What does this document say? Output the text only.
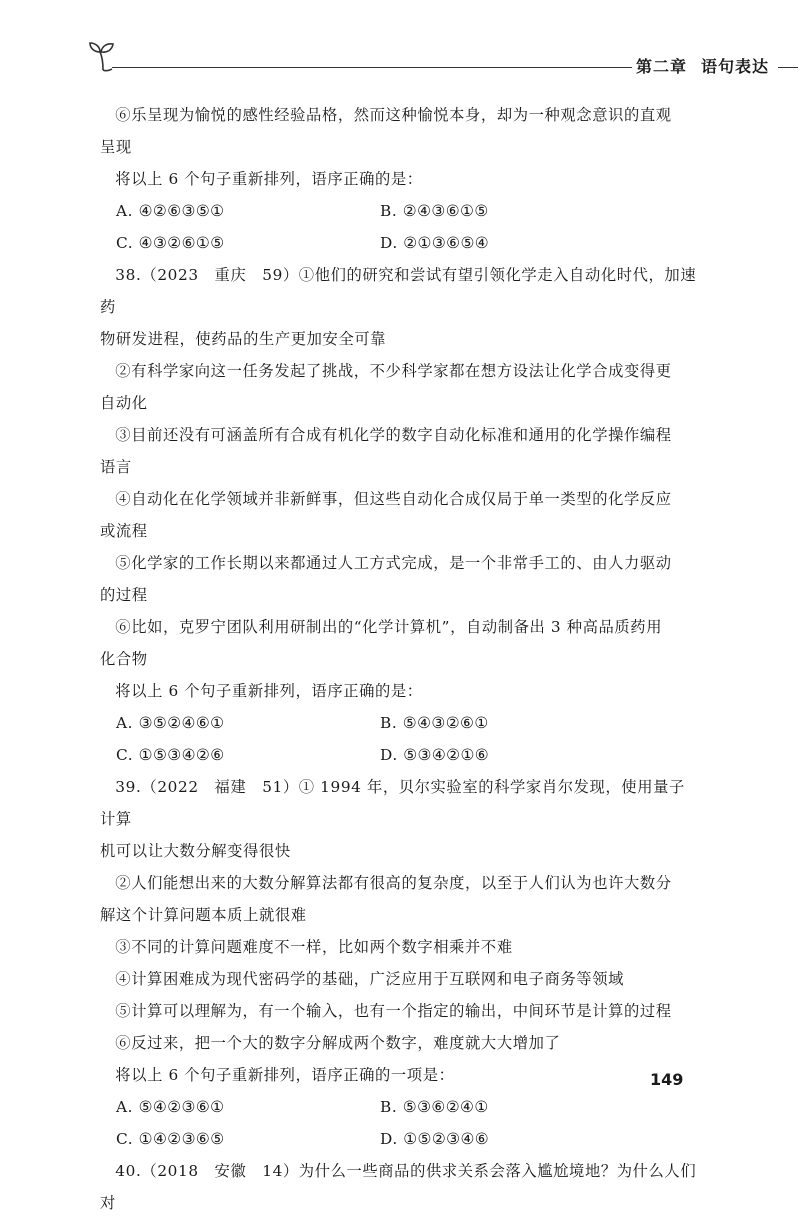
第二章 语句表达

⑥乐呈现为愉悦的感性经验品格，然而这种愉悦本身，却为一种观念意识的直观

呈现

将以上 6 个句子重新排列，语序正确的是：

A. ④②⑥③⑤①	B. ②④③⑥①⑤
C. ④③②⑥①⑤	D. ②①③⑥⑤④

38.（2023　重庆　59）①他们的研究和尝试有望引领化学走入自动化时代，加速药

物研发进程，使药品的生产更加安全可靠

②有科学家向这一任务发起了挑战，不少科学家都在想方设法让化学合成变得更

自动化

③目前还没有可涵盖所有合成有机化学的数字自动化标准和通用的化学操作编程

语言

④自动化在化学领域并非新鲜事，但这些自动化合成仅局于单一类型的化学反应

或流程

⑤化学家的工作长期以来都通过人工方式完成，是一个非常手工的、由人力驱动

的过程

⑥比如，克罗宁团队利用研制出的“化学计算机”，自动制备出 3 种高品质药用

化合物

将以上 6 个句子重新排列，语序正确的是：

A. ③⑤②④⑥①	B. ⑤④③②⑥①
C. ①⑤③④②⑥	D. ⑤③④②①⑥

39.（2022　福建　51）① 1994 年，贝尔实验室的科学家肖尔发现，使用量子计算

机可以让大数分解变得很快

②人们能想出来的大数分解算法都有很高的复杂度，以至于人们认为也许大数分

解这个计算问题本质上就很难

③不同的计算问题难度不一样，比如两个数字相乘并不难

④计算困难成为现代密码学的基础，广泛应用于互联网和电子商务等领域

⑤计算可以理解为，有一个输入，也有一个指定的输出，中间环节是计算的过程

⑥反过来，把一个大的数字分解成两个数字，难度就大大增加了

将以上 6 个句子重新排列，语序正确的一项是：

A. ⑤④②③⑥①	B. ⑤③⑥②④①
C. ①④②③⑥⑤	D. ①⑤②③④⑥

40.（2018　安徽　14）为什么一些商品的供求关系会落入尴尬境地？为什么人们对

149
